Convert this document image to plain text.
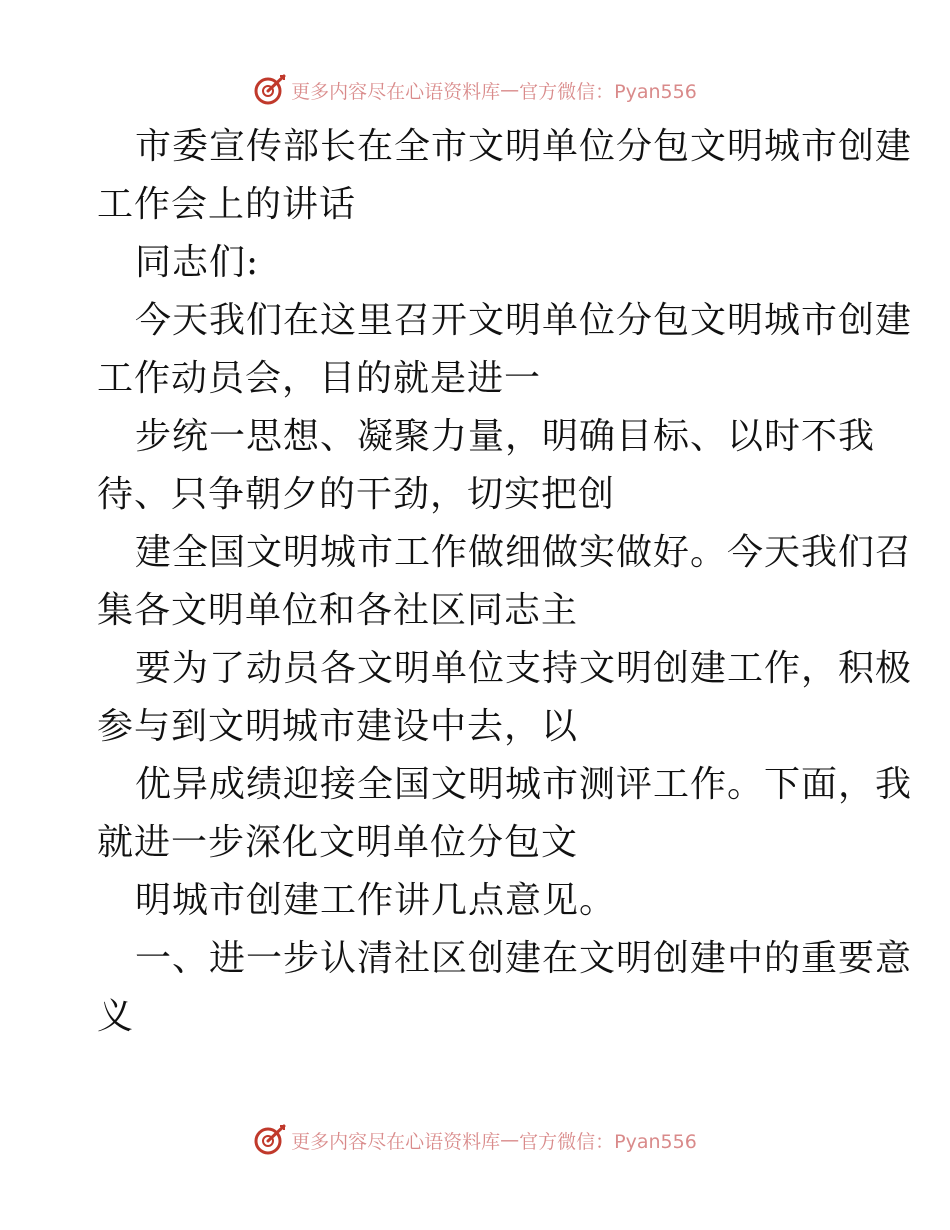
更多内容尽在心语资料库 — 官方微信：Pyan556
市委宣传部长在全市文明单位分包文明城市创建
工作会上的讲话
同志们:
今天我们在这里召开文明单位分包文明城市创建
工作动员会，目的就是进一
步统一思想、凝聚力量，明确目标、以时不我
待、只争朝夕的干劲，切实把创
建全国文明城市工作做细做实做好。今天我们召
集各文明单位和各社区同志主
要为了动员各文明单位支持文明创建工作，积极
参与到文明城市建设中去，以
优异成绩迎接全国文明城市测评工作。下面，我
就进一步深化文明单位分包文
明城市创建工作讲几点意见。
一、进一步认清社区创建在文明创建中的重要意
义
更多内容尽在心语资料库 — 官方微信：Pyan556
